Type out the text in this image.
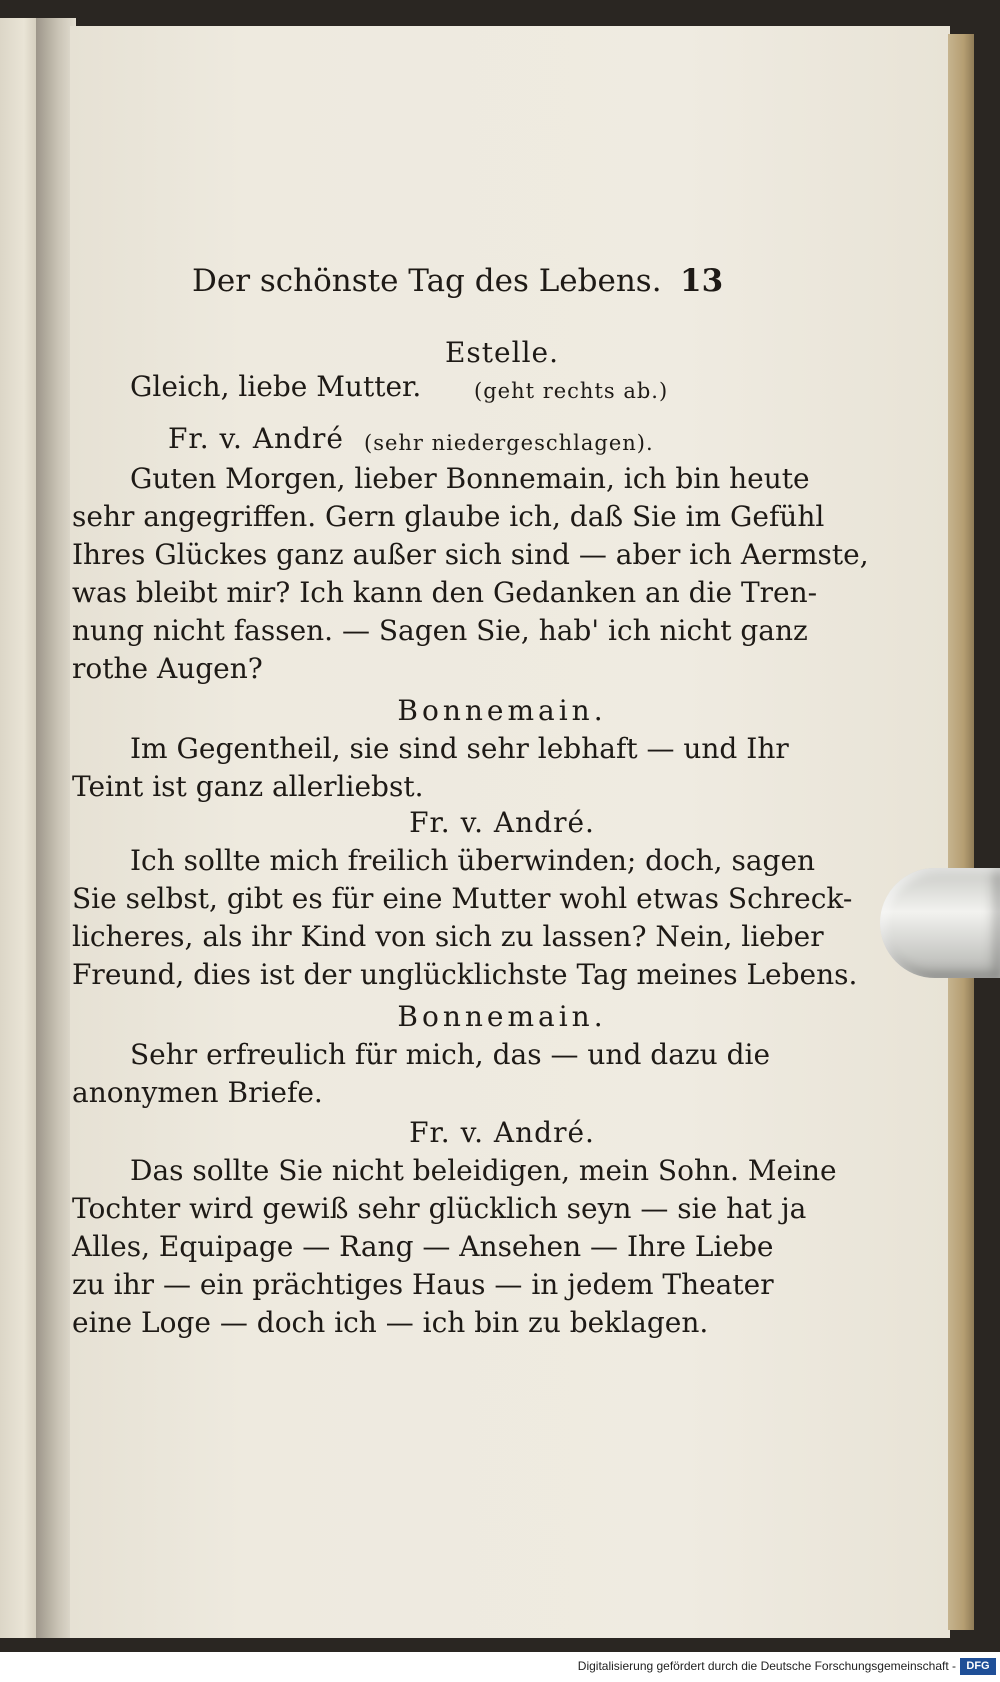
Der schönste Tag des Lebens. 13
Estelle.
Gleich, liebe Mutter.	(geht rechts ab.)
Fr. v. André (sehr niedergeschlagen).
Guten Morgen, lieber Bonnemain, ich bin heute
sehr angegriffen. Gern glaube ich, daß Sie im Gefühl
Ihres Glückes ganz außer sich sind — aber ich Aermste,
was bleibt mir? Ich kann den Gedanken an die Tren-
nung nicht fassen. — Sagen Sie, hab' ich nicht ganz
rothe Augen?
Bonnemain.
Im Gegentheil, sie sind sehr lebhaft — und Ihr
Teint ist ganz allerliebst.
Fr. v. André.
Ich sollte mich freilich überwinden; doch, sagen
Sie selbst, gibt es für eine Mutter wohl etwas Schreck-
licheres, als ihr Kind von sich zu lassen? Nein, lieber
Freund, dies ist der unglücklichste Tag meines Lebens.
Bonnemain.
Sehr erfreulich für mich, das — und dazu die
anonymen Briefe.
Fr. v. André.
Das sollte Sie nicht beleidigen, mein Sohn. Meine
Tochter wird gewiß sehr glücklich seyn — sie hat ja
Alles, Equipage — Rang — Ansehen — Ihre Liebe
zu ihr — ein prächtiges Haus — in jedem Theater
eine Loge — doch ich — ich bin zu beklagen.
Digitalisierung gefördert durch die Deutsche Forschungsgemeinschaft - DFG
